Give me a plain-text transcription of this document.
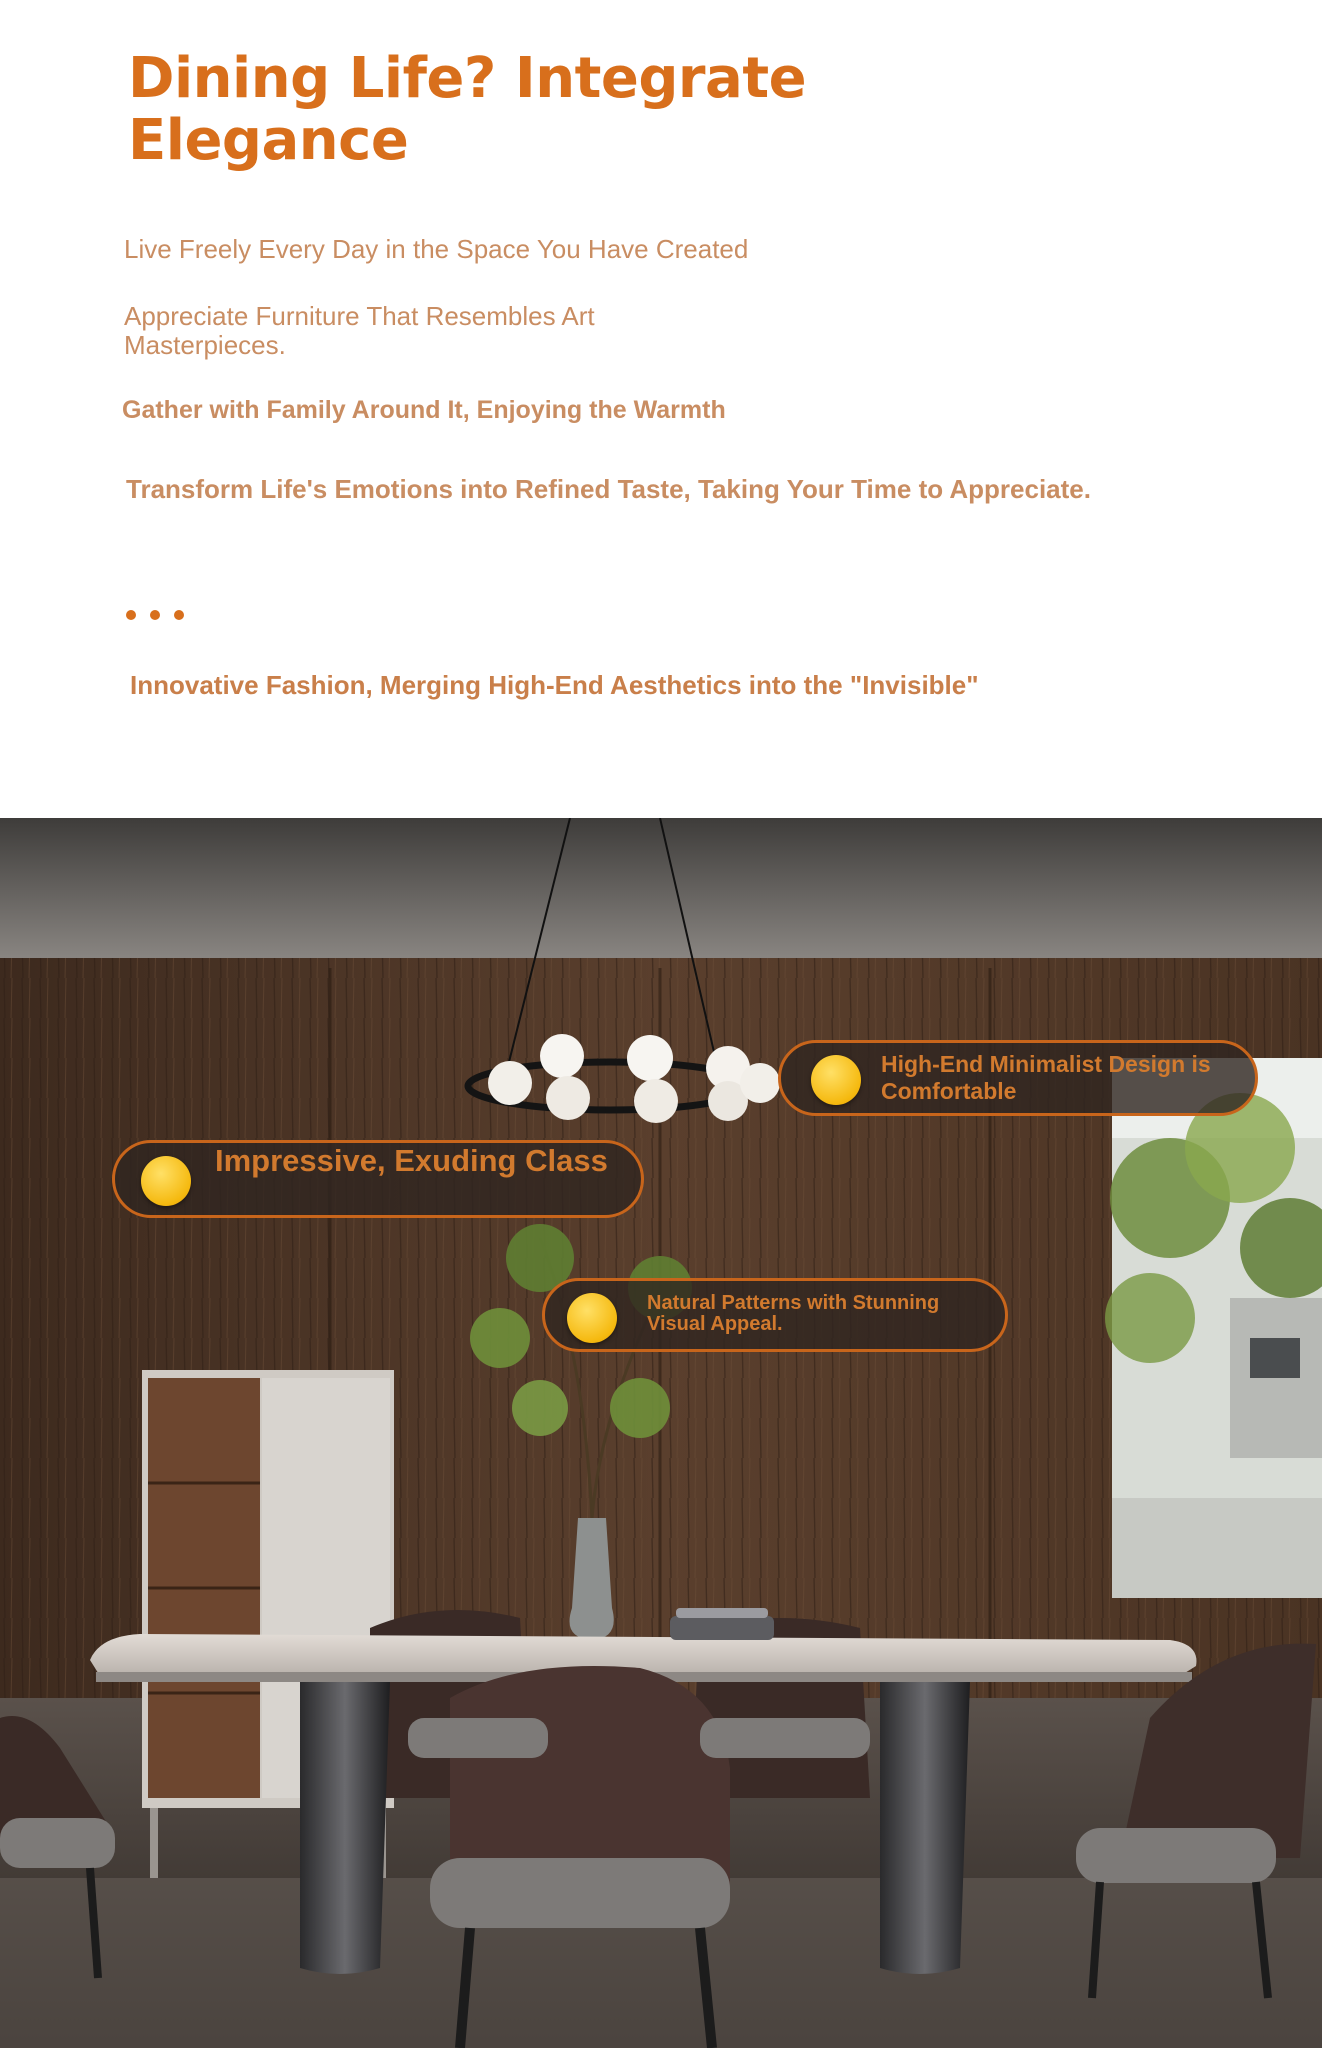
Dining Life? Integrate Elegance

Live Freely Every Day in the Space You Have Created

Appreciate Furniture That Resembles Art Masterpieces.

Gather with Family Around It, Enjoying the Warmth

Transform Life's Emotions into Refined Taste, Taking Your Time to Appreciate.

Innovative Fashion, Merging High-End Aesthetics into the "Invisible"

High-End Minimalist Design is Comfortable

Impressive, Exuding Class

Natural Patterns with Stunning Visual Appeal.
